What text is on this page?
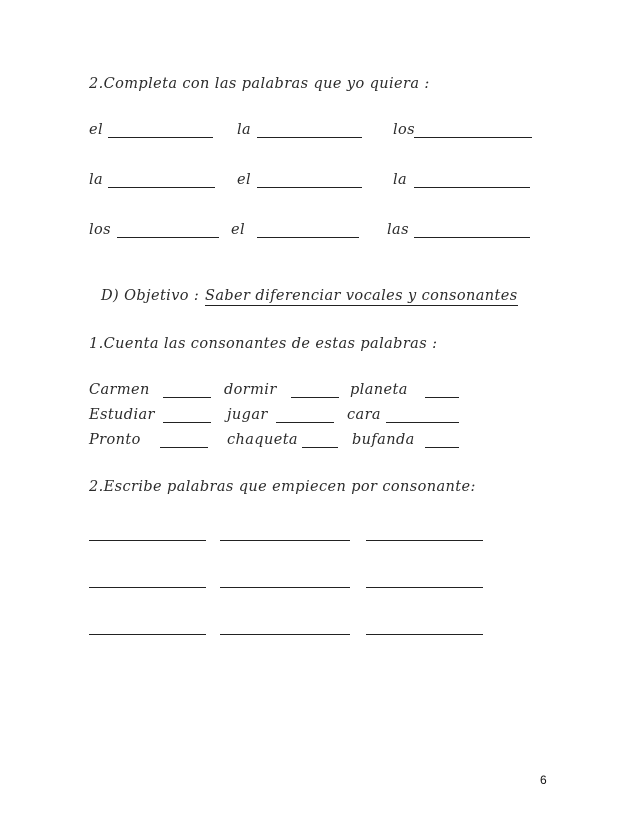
2.Completa con las palabras que yo quiera :
el	la	los
la	el	la
los	el	las
D) Objetivo : Saber diferenciar vocales y consonantes
1.Cuenta las consonantes de estas palabras :
Carmen	dormir	planeta
Estudiar	jugar	cara
Pronto	chaqueta	bufanda
2.Escribe palabras que empiecen por consonante:
6
